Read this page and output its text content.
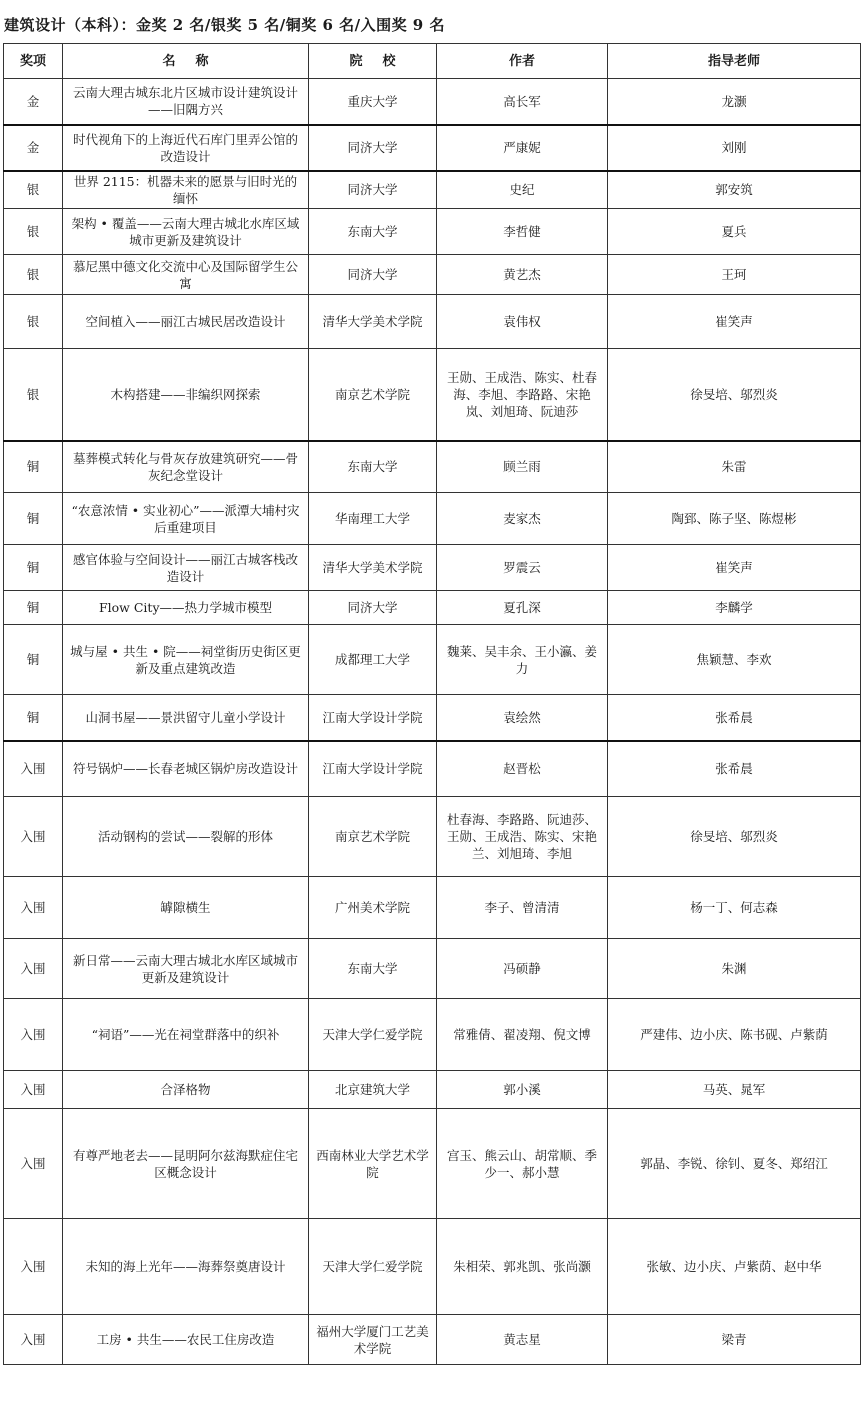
建筑设计（本科）：金奖 2 名/银奖 5 名/铜奖 6 名/入围奖 9 名
奖项	名称	院校	作者	指导老师
金	云南大理古城东北片区城市设计建筑设计——旧隅方兴	重庆大学	高长军	龙灏
金	时代视角下的上海近代石库门里弄公馆的改造设计	同济大学	严康妮	刘刚
银	世界 2115：机器未来的愿景与旧时光的缅怀	同济大学	史纪	郭安筑
银	架构 • 覆盖——云南大理古城北水库区域城市更新及建筑设计	东南大学	李哲健	夏兵
银	慕尼黑中德文化交流中心及国际留学生公寓	同济大学	黄艺杰	王珂
银	空间植入——丽江古城民居改造设计	清华大学美术学院	袁伟权	崔笑声
银	木构搭建——非编织网探索	南京艺术学院	王勋、王成浩、陈实、杜春海、李旭、李路路、宋艳岚、刘旭琦、阮迪莎	徐旻培、邬烈炎
铜	墓葬模式转化与骨灰存放建筑研究——骨灰纪念堂设计	东南大学	顾兰雨	朱雷
铜	“农意浓情 • 实业初心”——派潭大埔村灾后重建项目	华南理工大学	麦家杰	陶郅、陈子坚、陈煜彬
铜	感官体验与空间设计——丽江古城客栈改造设计	清华大学美术学院	罗震云	崔笑声
铜	Flow City——热力学城市模型	同济大学	夏孔深	李麟学
铜	城与屋 • 共生 • 院——祠堂街历史街区更新及重点建筑改造	成都理工大学	魏莱、吴丰余、王小瀛、姜力	焦颖慧、李欢
铜	山洞书屋——景洪留守儿童小学设计	江南大学设计学院	袁绘然	张希晨
入围	符号锅炉——长春老城区锅炉房改造设计	江南大学设计学院	赵晋松	张希晨
入围	活动钢构的尝试——裂解的形体	南京艺术学院	杜春海、李路路、阮迪莎、王勋、王成浩、陈实、宋艳兰、刘旭琦、李旭	徐旻培、邬烈炎
入围	罅隙横生	广州美术学院	李子、曾清清	杨一丁、何志森
入围	新日常——云南大理古城北水库区域城市更新及建筑设计	东南大学	冯硕静	朱渊
入围	“祠语”——光在祠堂群落中的织补	天津大学仁爱学院	常雅倩、翟凌翔、倪文博	严建伟、边小庆、陈书砚、卢紫荫
入围	合泽格物	北京建筑大学	郭小溪	马英、晁军
入围	有尊严地老去——昆明阿尔兹海默症住宅区概念设计	西南林业大学艺术学院	宫玉、熊云山、胡常顺、季少一、郝小慧	郭晶、李锐、徐钊、夏冬、郑绍江
入围	未知的海上光年——海葬祭奠唐设计	天津大学仁爱学院	朱相荣、郭兆凯、张尚灏	张敏、边小庆、卢紫荫、赵中华
入围	工房 • 共生——农民工住房改造	福州大学厦门工艺美术学院	黄志星	梁青
